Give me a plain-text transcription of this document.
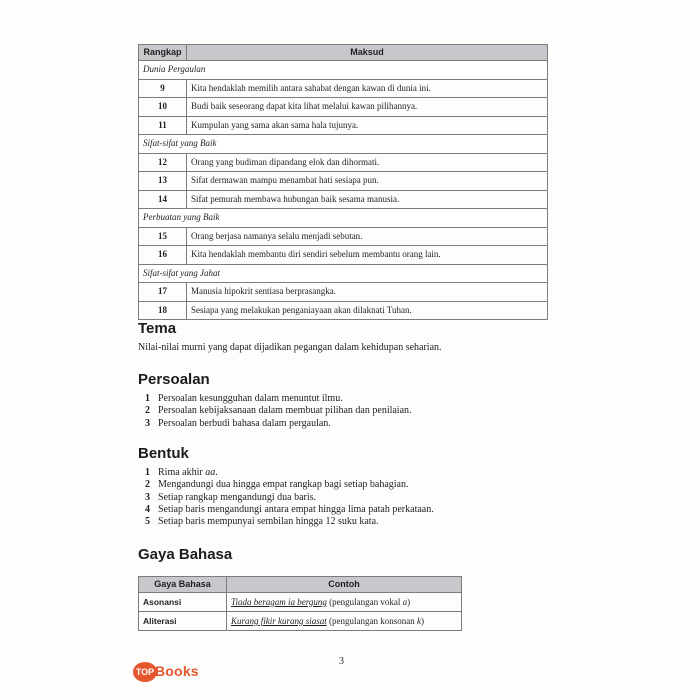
Rangkap	Maksud
Dunia Pergaulan	
9	Kita hendaklah memilih antara sahabat dengan kawan di dunia ini.
10	Budi baik seseorang dapat kita lihat melalui kawan pilihannya.
11	Kumpulan yang sama akan sama hala tujunya.
Sifat-sifat yang Baik	
12	Orang yang budiman dipandang elok dan dihormati.
13	Sifat dermawan mampu menambat hati sesiapa pun.
14	Sifat pemurah membawa hubungan baik sesama manusia.
Perbuatan yang Baik	
15	Orang berjasa namanya selalu menjadi sebutan.
16	Kita hendaklah membantu diri sendiri sebelum membantu orang lain.
Sifat-sifat yang Jahat	
17	Manusia hipokrit sentiasa berprasangka.
18	Sesiapa yang melakukan penganiayaan akan dilaknati Tuhan.
Tema

Nilai-nilai murni yang dapat dijadikan pegangan dalam kehidupan seharian.

Persoalan
1 Persoalan kesungguhan dalam menuntut ilmu.
2 Persoalan kebijaksanaan dalam membuat pilihan dan penilaian.
3 Persoalan berbudi bahasa dalam pergaulan.
Bentuk
1 Rima akhir aa.
2 Mengandungi dua hingga empat rangkap bagi setiap bahagian.
3 Setiap rangkap mengandungi dua baris.
4 Setiap baris mengandungi antara empat hingga lima patah perkataan.
5 Setiap baris mempunyai sembilan hingga 12 suku kata.
Gaya Bahasa
Gaya Bahasa	Contoh
Asonansi	Tiada beragam ia bergung (pengulangan vokal a)
Aliterasi	Kurang fikir kurang siasat (pengulangan konsonan k)
3
TOP Books
